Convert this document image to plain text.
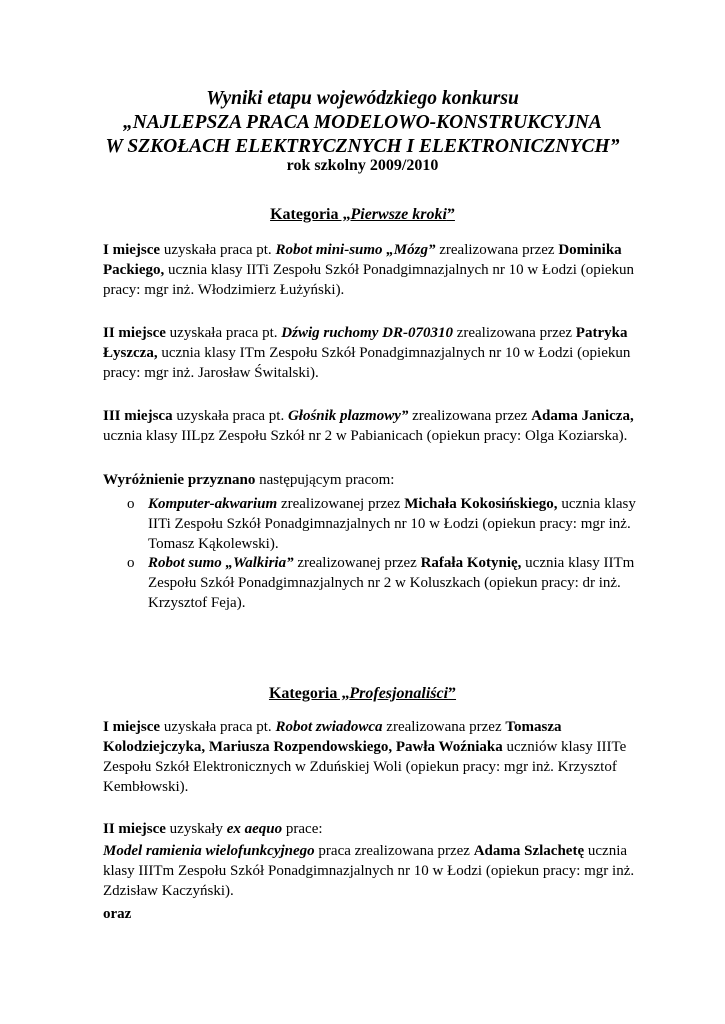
Wyniki etapu wojewódzkiego konkursu
„NAJLEPSZA PRACA MODELOWO-KONSTRUKCYJNA
W SZKOŁACH ELEKTRYCZNYCH I ELEKTRONICZNYCH”
rok szkolny 2009/2010
Kategoria „Pierwsze kroki”
I miejsce uzyskała praca pt. Robot mini-sumo „Mózg” zrealizowana przez Dominika Packiego, ucznia klasy IITi Zespołu Szkół Ponadgimnazjalnych nr 10 w Łodzi (opiekun pracy: mgr inż. Włodzimierz Łużyński).
II miejsce uzyskała praca pt. Dźwig ruchomy DR-070310 zrealizowana przez Patryka Łyszcza, ucznia klasy ITm Zespołu Szkół Ponadgimnazjalnych nr 10 w Łodzi (opiekun pracy: mgr inż. Jarosław Świtalski).
III miejsca uzyskała praca pt. Głośnik plazmowy” zrealizowana przez Adama Janicza, ucznia klasy IILpz Zespołu Szkół nr 2 w Pabianicach (opiekun pracy: Olga Koziarska).
Wyróżnienie przyznano następującym pracom:
o Komputer-akwarium zrealizowanej przez Michała Kokosińskiego, ucznia klasy IITi Zespołu Szkół Ponadgimnazjalnych nr 10 w Łodzi (opiekun pracy: mgr inż. Tomasz Kąkolewski).
o Robot sumo „Walkiria” zrealizowanej przez Rafała Kotynię, ucznia klasy IITm Zespołu Szkół Ponadgimnazjalnych nr 2 w Koluszkach (opiekun pracy: dr inż. Krzysztof Feja).
Kategoria „Profesjonaliści”
I miejsce uzyskała praca pt. Robot zwiadowca zrealizowana przez Tomasza Kolodziejczyka, Mariusza Rozpendowskiego, Pawła Woźniaka uczniów klasy IIITe Zespołu Szkół Elektronicznych w Zduńskiej Woli (opiekun pracy: mgr inż. Krzysztof Kembłowski).
II miejsce uzyskały ex aequo prace:
Model ramienia wielofunkcyjnego praca zrealizowana przez Adama Szlachetę ucznia klasy IIITm Zespołu Szkół Ponadgimnazjalnych nr 10 w Łodzi (opiekun pracy: mgr inż. Zdzisław Kaczyński).
oraz
